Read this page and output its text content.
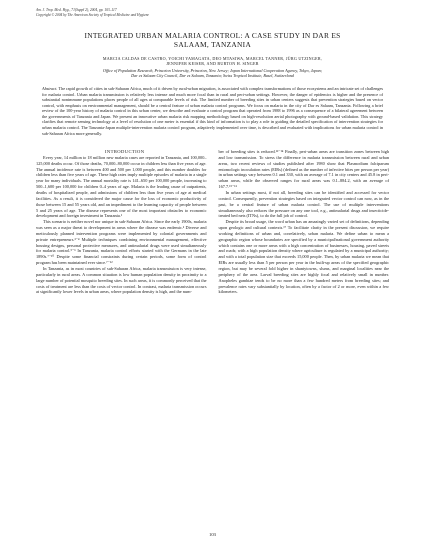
Am. J. Trop. Med. Hyg., 71(Suppl 2), 2004, pp. 103–117
Copyright © 2004 by The American Society of Tropical Medicine and Hygiene
INTEGRATED URBAN MALARIA CONTROL: A CASE STUDY IN DAR ES
SALAAM, TANZANIA
MARCIA CALDAS DE CASTRO, YOICHI YAMAGATA, DEO MTASIWA, MARCEL TANNER, JÜRG UTZINGER,
JENNIFER KEISER, AND BURTON H. SINGER
Office of Population Research, Princeton University, Princeton, New Jersey; Japan International Cooperation Agency, Tokyo, Japan;
Dar es Salaam City Council, Dar es Salaam, Tanzania; Swiss Tropical Institute, Basel, Switzerland
Abstract. The rapid growth of cities in sub-Saharan Africa, much of it driven by rural-urban migration, is associated with complex transformations of those ecosystems and an intricate set of challenges for malaria control. Urban malaria transmission is relatively less intense and much more focal than in rural and peri-urban settings. However, the danger of epidemics is higher and the presence of substantial nonimmune populations places people of all ages at comparable levels of risk. The limited number of breeding sites in urban centers suggests that prevention strategies based on vector control, with emphasis on environmental management, should be a central feature of urban malaria control programs. We focus on malaria in the city of Dar es Salaam, Tanzania. Following a brief review of the 100-year history of malaria control in this urban center, we describe and evaluate a control program that operated from 1988 to 1996 as a consequence of a bilateral agreement between the governments of Tanzania and Japan. We present an innovative urban malaria risk mapping methodology based on high-resolution aerial photography with ground-based validation. This strategy clarifies that remote sensing technology at a level of resolution of one meter is essential if this kind of information is to play a role in guiding the detailed specification of intervention strategies for urban malaria control. The Tanzania-Japan multiple-intervention malaria control program, adaptively implemented over time, is described and evaluated with implications for urban malaria control in sub-Saharan Africa more generally.

INTRODUCTION

Every year, 14 million to 18 million new malaria cases are reported in Tanzania, and 100,000–125,000 deaths occur. Of those deaths, 70,000–80,000 occur in children less than five years of age. The annual incidence rate is between 400 and 500 per 1,000 people, and this number doubles for children less than five years of age. These high rates imply multiple episodes of malaria in a single year for many individuals. The annual mortality rate is 141–650 per 100,000 people, increasing to 500–1,600 per 100,000 for children 0–4 years of age. Malaria is the leading cause of outpatients, deaths of hospitalized people, and admissions of children less than five years of age at medical facilities. As a result, it is considered the major cause for the loss of economic productivity of those between 15 and 55 years old, and an impediment to the learning capacity of people between 5 and 25 years of age. The disease represents one of the most important obstacles to economic development and foreign investment in Tanzania.¹

This scenario is neither novel nor unique in sub-Saharan Africa. Since the early 1900s, malaria was seen as a major threat to development in areas where the disease was endemic.² Diverse and meticulously planned intervention programs were implemented by colonial governments and private entrepreneurs.³⁻⁴ Multiple techniques combining environmental management, effective housing designs, personal protective measures, and antimalarial drugs were used simultaneously for malaria control.⁵⁻⁶ In Tanzania, malaria control efforts started with the Germans in the late 1890s.⁷⁻¹⁰ Despite some financial constraints during certain periods, some form of control program has been maintained ever since.⁷⁻¹²

In Tanzania, as in most countries of sub-Saharan Africa, malaria transmission is very intense, particularly in rural areas. A common situation is low human population density in proximity to a large number of potential mosquito breeding sites. In such areas, it is commonly perceived that the costs of treatment are less than the costs of vector control. In contrast, malaria transmission occurs at significantly lower levels in urban areas, where population density is high, and the num-

ber of breeding sites is reduced.¹³⁻¹⁴ Finally, peri-urban areas are transition zones between high and low transmission. To stress the difference in malaria transmission between rural and urban areas, two recent reviews of studies published after 1980 show that Plasmodium falciparum entomologic inoculation rates (EIRs) (defined as the number of infective bites per person per year) in urban settings vary between 0.1 and 330, with an average of 7.1 in city centers and 45.8 in peri-urban areas, while the observed ranges for rural areas was 0.1–884.2, with an average of 167.7.¹⁵⁻¹⁶

In urban settings most, if not all, breeding sites can be identified and accessed for vector control. Consequently, prevention strategies based on integrated vector control can now, as in the past, be a central feature of urban malaria control. The use of multiple interventions simultaneously also reduces the pressure on any one tool, e.g., antimalarial drugs and insecticide-treated bed nets (ITNs), to do the full job of control.

Despite its broad usage, the word urban has an amazingly varied set of definitions, depending upon geologic and cultural contexts.¹⁷ To facilitate clarity in the present discussion, we require working definitions of urban and, correlatively, urban malaria. We define urban to mean a geographic region whose boundaries are specified by a municipal/national government authority which contains one or more areas with a high concentration of businesses, housing, paved streets and roads; with a high population density where agriculture is regulated by a municipal authority; and with a total population size that exceeds 15,000 people. Then, by urban malaria we mean that EIRs are usually less than 5 per person per year in the built-up areas of the specified geographic region, but may be several fold higher in shantytowns, slums, and marginal localities near the periphery of the area. Larval breeding sites are highly focal and relatively small in number. Anopheles gambiae tends to be no more than a few hundred meters from breeding sites; and prevalence rates vary substantially by location, often by a factor of 2 or more, even within a few kilometers.

103
